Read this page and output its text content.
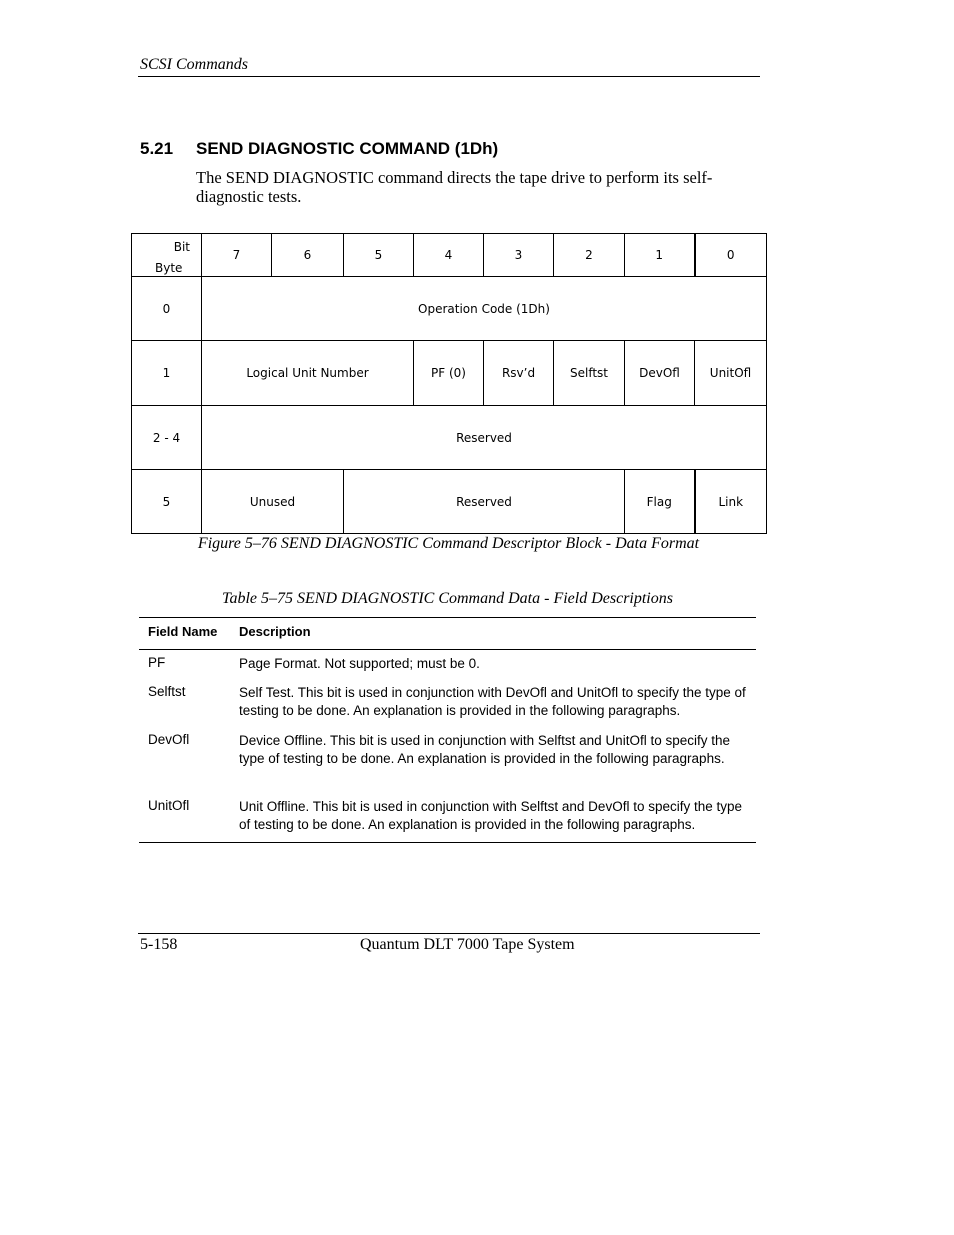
SCSI Commands
5.21 SEND DIAGNOSTIC COMMAND (1Dh)
The SEND DIAGNOSTIC command directs the tape drive to perform its self-diagnostic tests.
Bit
Byte	7	6	5	4	3	2	1	0
0	Operation Code (1Dh)							
1	Logical Unit Number			PF (0)	Rsv’d	Selftst	DevOfl	UnitOfl
2 - 4	Reserved							
5	Unused		Reserved				Flag	Link
Figure 5–76 SEND DIAGNOSTIC Command Descriptor Block - Data Format
Table 5–75 SEND DIAGNOSTIC Command Data - Field Descriptions
Field Name Description
PF	Page Format. Not supported; must be 0.
Selftst	Self Test. This bit is used in conjunction with DevOfl and UnitOfl to specify the type of testing to be done. An explanation is provided in the following paragraphs.
DevOfl	Device Offline. This bit is used in conjunction with Selftst and UnitOfl to specify the type of testing to be done. An explanation is provided in the following paragraphs.
UnitOfl	Unit Offline. This bit is used in conjunction with Selftst and DevOfl to specify the type of testing to be done. An explanation is provided in the following paragraphs.
5-158	Quantum DLT 7000 Tape System
